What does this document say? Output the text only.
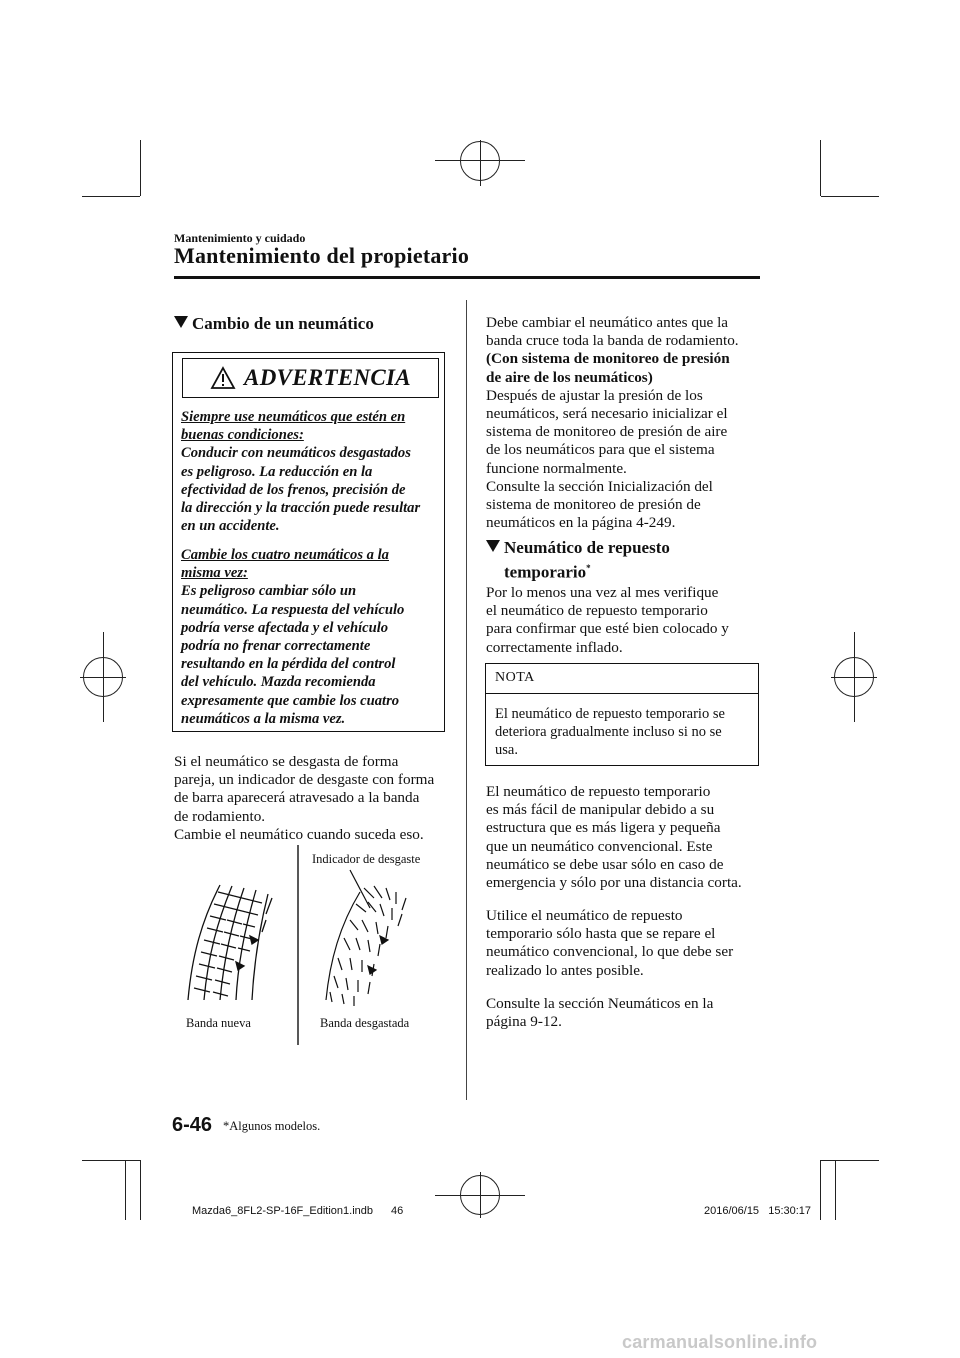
Mantenimiento y cuidado
Mantenimiento del propietario
Cambio de un neumático
ADVERTENCIA
Siempre use neumáticos que estén en
buenas condiciones:
Conducir con neumáticos desgastados
es peligroso. La reducción en la
efectividad de los frenos, precisión de
la dirección y la tracción puede resultar
en un accidente.
Cambie los cuatro neumáticos a la
misma vez:
Es peligroso cambiar sólo un
neumático. La respuesta del vehículo
podría verse afectada y el vehículo
podría no frenar correctamente
resultando en la pérdida del control
del vehículo. Mazda recomienda
expresamente que cambie los cuatro
neumáticos a la misma vez.
Si el neumático se desgasta de forma
pareja, un indicador de desgaste con forma
de barra aparecerá atravesado a la banda
de rodamiento.
Cambie el neumático cuando suceda eso.
Indicador de desgaste
Banda nueva	Banda desgastada
Debe cambiar el neumático antes que la
banda cruce toda la banda de rodamiento.
(Con sistema de monitoreo de presión
de aire de los neumáticos)
Después de ajustar la presión de los
neumáticos, será necesario inicializar el
sistema de monitoreo de presión de aire
de los neumáticos para que el sistema
funcione normalmente.
Consulte la sección Inicialización del
sistema de monitoreo de presión de
neumáticos en la página 4-249.
Neumático de repuesto
temporario*
Por lo menos una vez al mes verifique
el neumático de repuesto temporario
para confirmar que esté bien colocado y
correctamente inflado.
NOTA
El neumático de repuesto temporario se
deteriora gradualmente incluso si no se
usa.
El neumático de repuesto temporario
es más fácil de manipular debido a su
estructura que es más ligera y pequeña
que un neumático convencional. Este
neumático se debe usar sólo en caso de
emergencia y sólo por una distancia corta.
Utilice el neumático de repuesto
temporario sólo hasta que se repare el
neumático convencional, lo que debe ser
realizado lo antes posible.
Consulte la sección Neumáticos en la
página 9-12.
6-46 *Algunos modelos.
Mazda6_8FL2-SP-16F_Edition1.indb 46	2016/06/15   15:30:17
carmanualsonline.info
